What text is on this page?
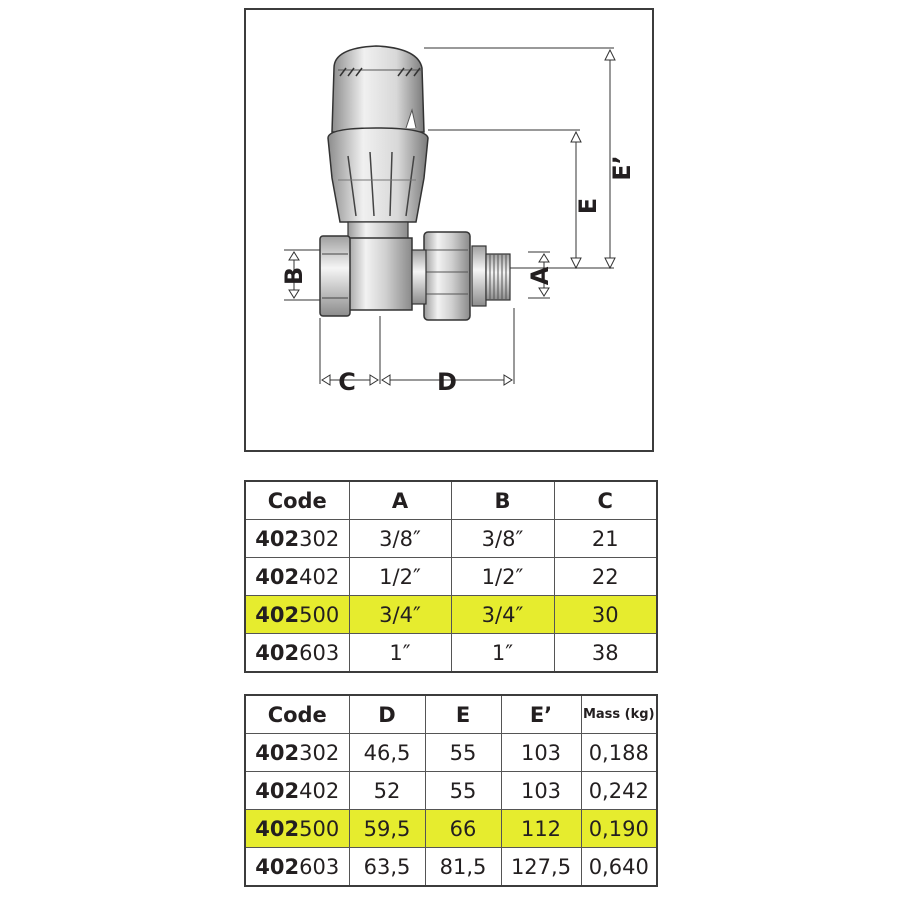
E’
E
A
B
C	D
Code	A	B	C
402302	3/8″	3/8″	21
402402	1/2″	1/2″	22
402500	3/4″	3/4″	30
402603	1″	1″	38
Code	D	E	E’	Mass (kg)
402302	46,5	55	103	0,188
402402	52	55	103	0,242
402500	59,5	66	112	0,190
402603	63,5	81,5	127,5	0,640
